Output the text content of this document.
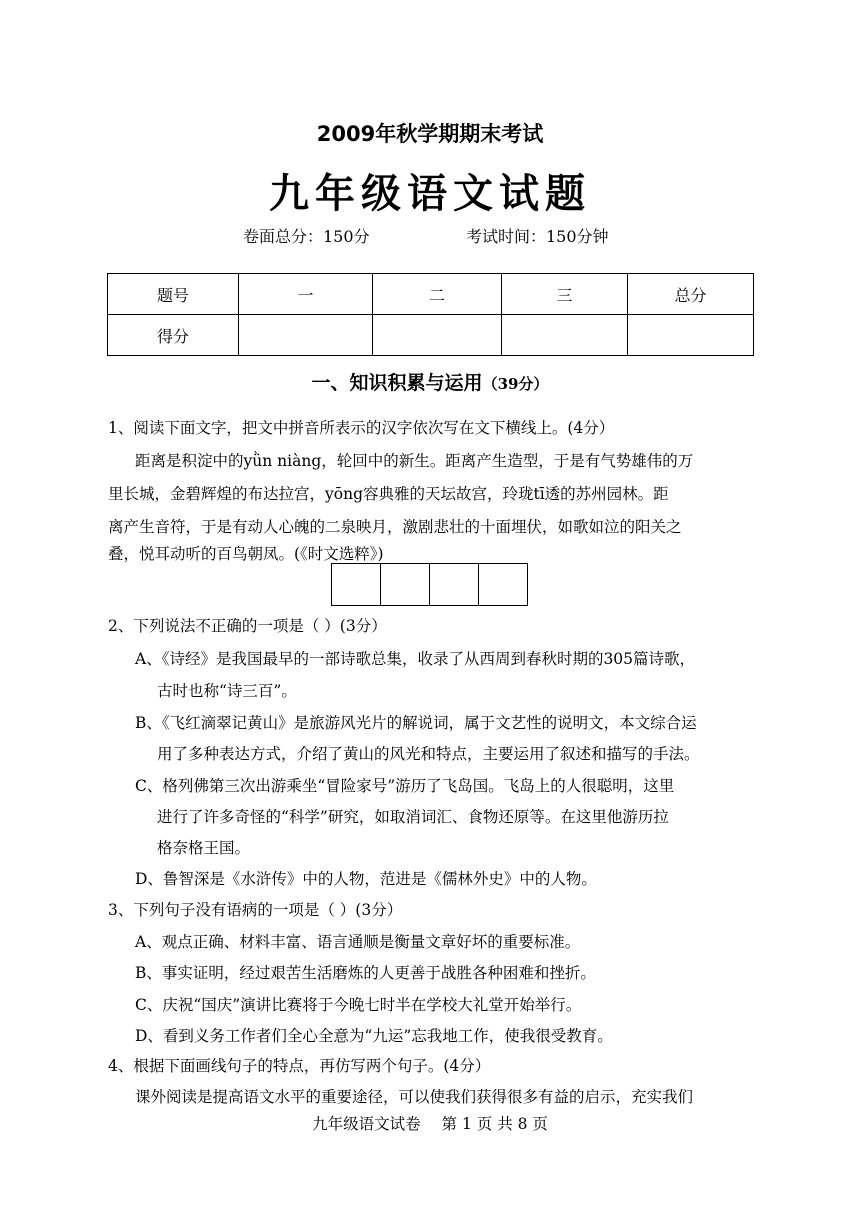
2009年秋学期期末考试
九年级语文试题
卷面总分：150分	考试时间：150分钟
题号	一	二	三	总分
得分				
一、知识积累与运用（39分）
1、阅读下面文字，把文中拼音所表示的汉字依次写在文下横线上。(4分）
距离是积淀中的yǜn niàng，轮回中的新生。距离产生造型，于是有气势雄伟的万
里长城，金碧辉煌的布达拉宫，yōng容典雅的天坛故宫，玲珑tī透的苏州园林。距
离产生音符，于是有动人心魄的二泉映月，激剧悲壮的十面埋伏，如歌如泣的阳关之
叠，悦耳动听的百鸟朝凤。(《时文选粹》)
2、下列说法不正确的一项是（ ）(3分）
A、《诗经》是我国最早的一部诗歌总集，收录了从西周到春秋时期的305篇诗歌，
古时也称“诗三百”。
B、《飞红滴翠记黄山》是旅游风光片的解说词，属于文艺性的说明文，本文综合运
用了多种表达方式，介绍了黄山的风光和特点，主要运用了叙述和描写的手法。
C、格列佛第三次出游乘坐“冒险家号”游历了飞岛国。飞岛上的人很聪明，这里
进行了许多奇怪的“科学”研究，如取消词汇、食物还原等。在这里他游历拉
格奈格王国。
D、鲁智深是《水浒传》中的人物，范进是《儒林外史》中的人物。
3、下列句子没有语病的一项是（ ）(3分）
A、观点正确、材料丰富、语言通顺是衡量文章好坏的重要标准。
B、事实证明，经过艰苦生活磨炼的人更善于战胜各种困难和挫折。
C、庆祝“国庆”演讲比赛将于今晚七时半在学校大礼堂开始举行。
D、看到义务工作者们全心全意为“九运”忘我地工作，使我很受教育。
4、根据下面画线句子的特点，再仿写两个句子。(4分）
课外阅读是提高语文水平的重要途径，可以使我们获得很多有益的启示，充实我们
九年级语文试卷 第 1 页 共 8 页
